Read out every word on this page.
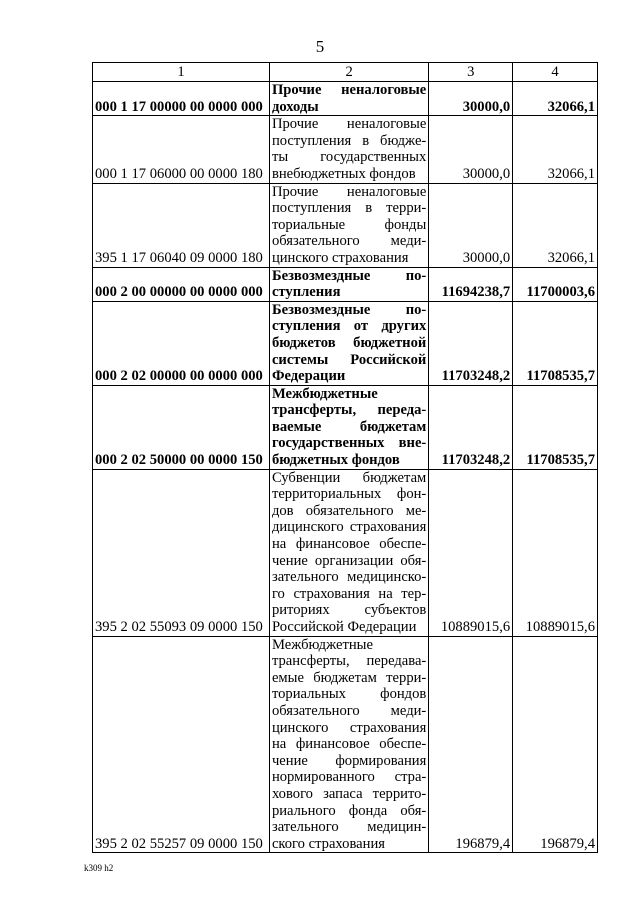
5
1	2	3	4
000 1 17 00000 00 0000 000	Прочие неналоговые доходы	30000,0	32066,1
000 1 17 06000 00 0000 180	Прочие неналоговые поступления в бюдже-ты государственных внебюджетных фондов	30000,0	32066,1
395 1 17 06040 09 0000 180	Прочие неналоговые поступления в терри-ториальные фонды обязательного меди-цинского страхования	30000,0	32066,1
000 2 00 00000 00 0000 000	Безвозмездные по-ступления	11694238,7	11700003,6
000 2 02 00000 00 0000 000	Безвозмездные по-ступления от других бюджетов бюджетной системы Российской Федерации	11703248,2	11708535,7
000 2 02 50000 00 0000 150	Межбюджетные трансферты, переда-ваемые бюджетам государственных вне-бюджетных фондов	11703248,2	11708535,7
395 2 02 55093 09 0000 150	Субвенции бюджетам территориальных фон-дов обязательного ме-дицинского страхования на финансовое обеспе-чение организации обя-зательного медицинско-го страхования на тер-риториях субъектов Российской Федерации	10889015,6	10889015,6
395 2 02 55257 09 0000 150	Межбюджетные трансферты, передава-емые бюджетам терри-ториальных фондов обязательного меди-цинского страхования на финансовое обеспе-чение формирования нормированного стра-хового запаса террито-риального фонда обя-зательного медицин-ского страхования	196879,4	196879,4
k309 h2
